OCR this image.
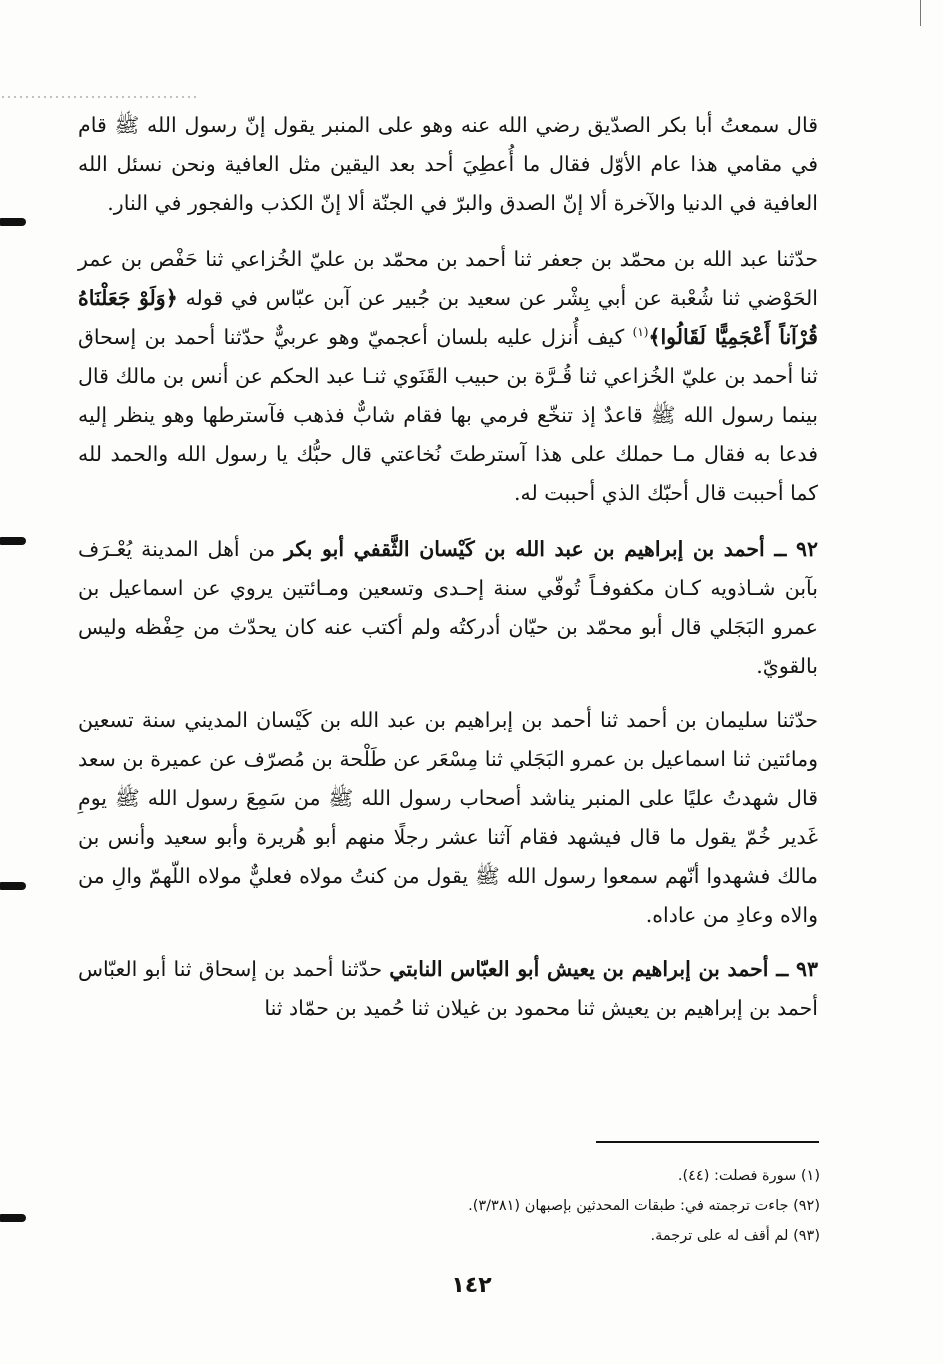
قال سمعتُ أبا بكر الصدّيق رضي الله عنه وهو على المنبر يقول إنّ رسول الله ﷺ قام في مقامي هذا عام الأوّل فقال ما أُعطِيَ أحد بعد اليقين مثل العافية ونحن نسئل الله العافية في الدنيا والآخرة ألا إنّ الصدق والبرّ في الجنّة ألا إنّ الكذب والفجور في النار.

حدّثنا عبد الله بن محمّد بن جعفر ثنا أحمد بن محمّد بن عليّ الخُزاعي ثنا حَفْص بن عمر الحَوْضي ثنا شُعْبة عن أبي بِشْر عن سعيد بن جُبير عن آبن عبّاس في قوله ﴿وَلَوْ جَعَلْنَاهُ قُرْآناً أَعْجَمِيًّا لَقَالُوا﴾$^{(١)}$ كيف أُنزل عليه بلسان أعجميّ وهو عربيٌّ حدّثنا أحمد بن إسحاق ثنا أحمد بن عليّ الخُزاعي ثنا قُـرَّة بن حبيب القَنَوي ثنـا عبد الحكم عن أنس بن مالك قال بينما رسول الله ﷺ قاعدٌ إذ تنخّع فرمي بها فقام شابٌّ فذهب فآسترطها وهو ينظر إليه فدعا به فقال مـا حملك على هذا آسترطتَ نُخاعتي قال حبُّك يا رسول الله والحمد لله كما أحببت قال أحبّك الذي أحببت له.

٩٢ ــ أحمد بن إبراهيم بن عبد الله بن كَيْسان الثَّقفي أبو بكر من أهل المدينة يُعْـرَف بآبن شـاذويه كـان مكفوفـاً تُوفّي سنة إحـدى وتسعين ومـائتين يروي عن اسماعيل بن عمرو البَجَلي قال أبو محمّد بن حيّان أدركتُه ولم أكتب عنه كان يحدّث من حِفْظه وليس بالقويّ.

حدّثنا سليمان بن أحمد ثنا أحمد بن إبراهيم بن عبد الله بن كَيْسان المديني سنة تسعين ومائتين ثنا اسماعيل بن عمرو البَجَلي ثنا مِسْعَر عن طَلْحة بن مُصرّف عن عميرة بن سعد قال شهدتُ عليًا على المنبر يناشد أصحاب رسول الله ﷺ من سَمِعَ رسول الله ﷺ يومِ غَدير خُمّ يقول ما قال فيشهد فقام آثنا عشر رجلًا منهم أبو هُريرة وأبو سعيد وأنس بن مالك فشهدوا أنّهم سمعوا رسول الله ﷺ يقول من كنتُ مولاه فعليٌّ مولاه اللّهمّ والِ من والاه وعادِ من عاداه.

٩٣ ــ أحمد بن إبراهيم بن يعيش أبو العبّاس النابتي حدّثنا أحمد بن إسحاق ثنا أبو العبّاس أحمد بن إبراهيم بن يعيش ثنا محمود بن غيلان ثنا حُميد بن حمّاد ثنا

(١) سورة فصلت: (٤٤).
(٩٢) جاءت ترجمته في: طبقات المحدثين بإصبهان (٣/٣٨١).
(٩٣) لم أقف له على ترجمة.
١٤٢
